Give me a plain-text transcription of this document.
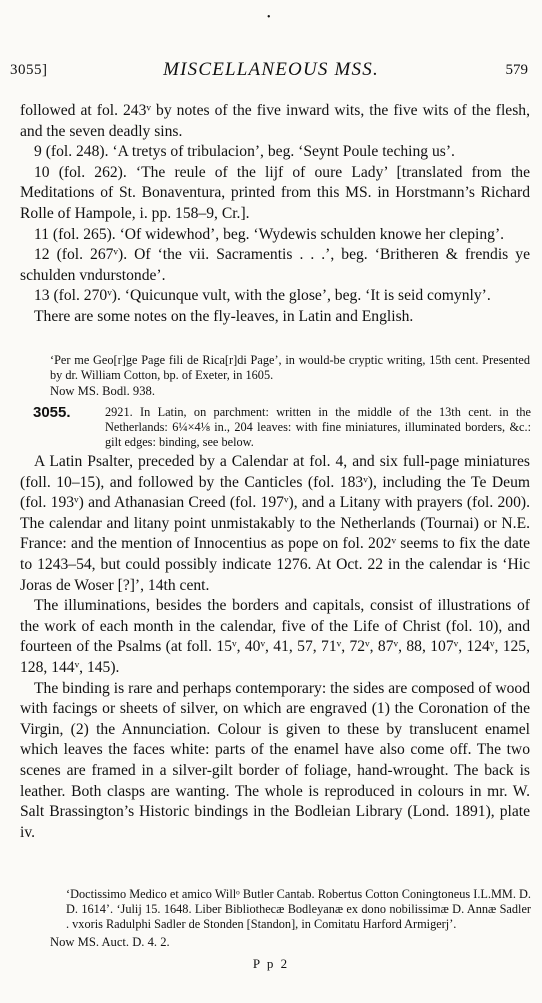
•
3055]	MISCELLANEOUS MSS.	579

followed at fol. 243ᵛ by notes of the five inward wits, the five wits of the flesh, and the seven deadly sins.

9 (fol. 248). ‘A tretys of tribulacion’, beg. ‘Seynt Poule teching us’.

10 (fol. 262). ‘The reule of the lijf of oure Lady’ [translated from the Meditations of St. Bonaventura, printed from this MS. in Horstmann’s Richard Rolle of Hampole, i. pp. 158–9, Cr.].

11 (fol. 265). ‘Of widewhod’, beg. ‘Wydewis schulden knowe her cleping’.

12 (fol. 267ᵛ). Of ‘the vii. Sacramentis . . .’, beg. ‘Britheren & frendis ye schulden vndurstonde’.

13 (fol. 270ᵛ). ‘Quicunque vult, with the glose’, beg. ‘It is seid comynly’.

There are some notes on the fly-leaves, in Latin and English.

‘Per me Geo[r]ge Page fili de Rica[r]di Page’, in would-be cryptic writing, 15th cent. Presented by dr. William Cotton, bp. of Exeter, in 1605.

Now MS. Bodl. 938.
3055.	2921. In Latin, on parchment: written in the middle of the 13th cent. in the Netherlands: 6¼×4⅛ in., 204 leaves: with fine miniatures, illuminated borders, &c.: gilt edges: binding, see below.

A Latin Psalter, preceded by a Calendar at fol. 4, and six full-page miniatures (foll. 10–15), and followed by the Canticles (fol. 183ᵛ), including the Te Deum (fol. 193ᵛ) and Athanasian Creed (fol. 197ᵛ), and a Litany with prayers (fol. 200). The calendar and litany point unmistakably to the Netherlands (Tournai) or N.E. France: and the mention of Innocentius as pope on fol. 202ᵛ seems to fix the date to 1243–54, but could possibly indicate 1276. At Oct. 22 in the calendar is ‘Hic Joras de Woser [?]’, 14th cent.

The illuminations, besides the borders and capitals, consist of illustrations of the work of each month in the calendar, five of the Life of Christ (fol. 10), and fourteen of the Psalms (at foll. 15ᵛ, 40ᵛ, 41, 57, 71ᵛ, 72ᵛ, 87ᵛ, 88, 107ᵛ, 124ᵛ, 125, 128, 144ᵛ, 145).

The binding is rare and perhaps contemporary: the sides are composed of wood with facings or sheets of silver, on which are engraved (1) the Coronation of the Virgin, (2) the Annunciation. Colour is given to these by translucent enamel which leaves the faces white: parts of the enamel have also come off. The two scenes are framed in a silver-gilt border of foliage, hand-wrought. The back is leather. Both clasps are wanting. The whole is reproduced in colours in mr. W. Salt Brassington’s Historic bindings in the Bodleian Library (Lond. 1891), plate iv.

‘Doctissimo Medico et amico Willᵒ Butler Cantab. Robertus Cotton Coningtoneus I.L.MM. D. D. 1614’. ‘Julij 15. 1648. Liber Bibliothecæ Bodleyanæ ex dono nobilissimæ D. Annæ Sadler . vxoris Radulphi Sadler de Stonden [Standon], in Comitatu Harford Armigerj’.

Now MS. Auct. D. 4. 2.
P p 2
